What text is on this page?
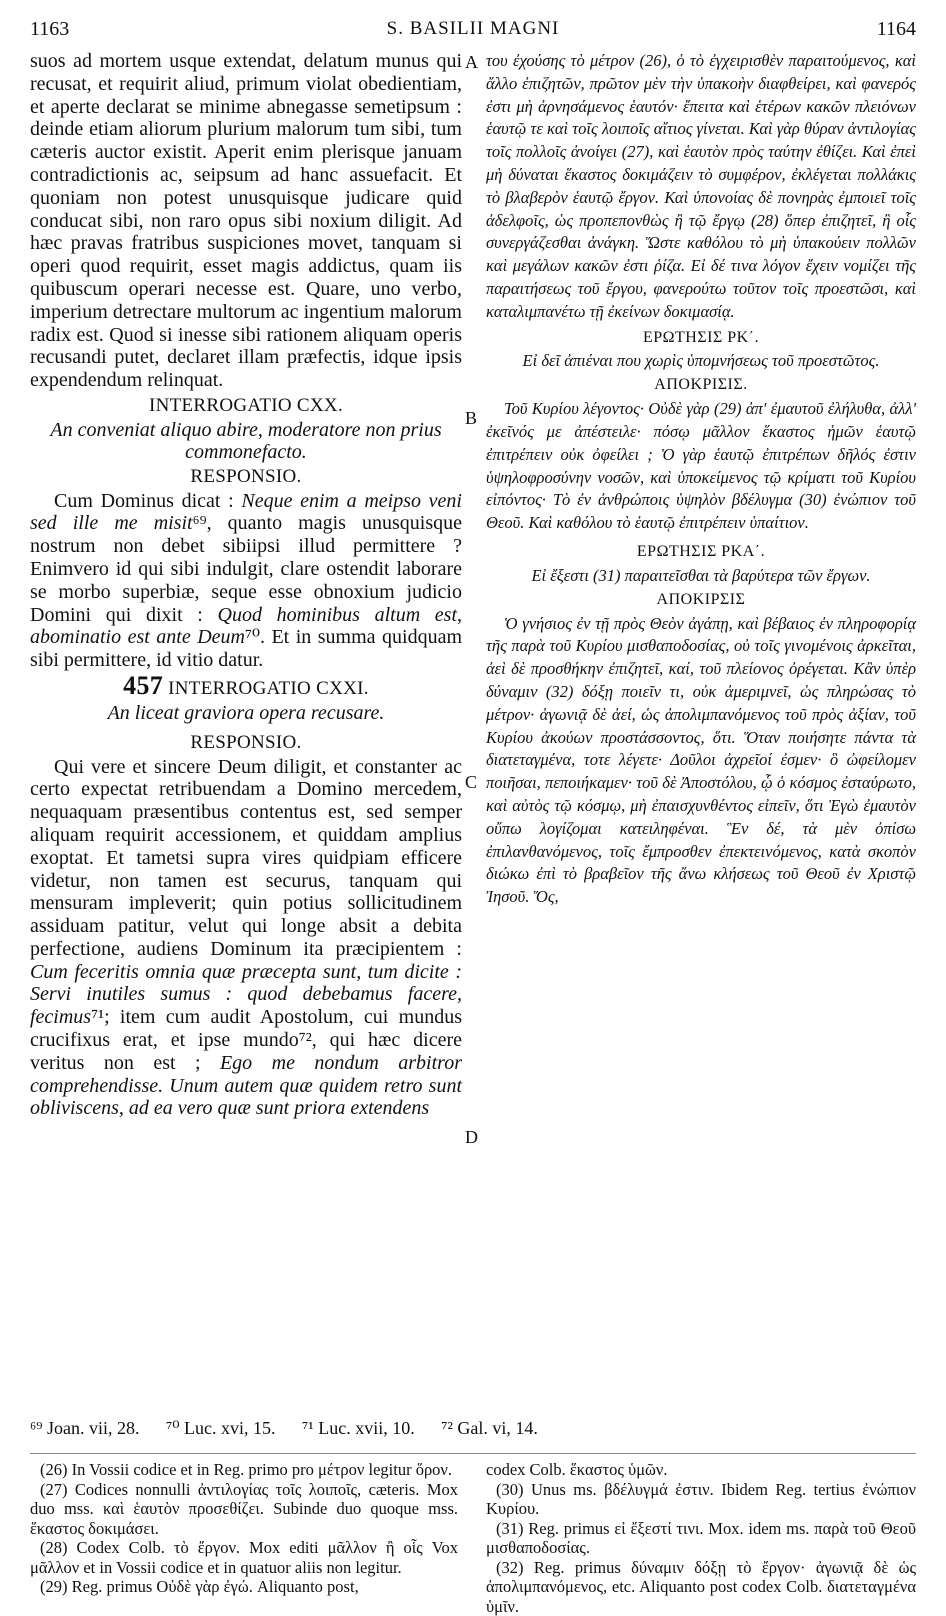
1163	S. BASILII MAGNI	1164
A
B
C
D

suos ad mortem usque extendat, delatum munus qui recusat, et requirit aliud, primum violat obedientiam, et aperte declarat se minime abnegasse semetipsum : deinde etiam aliorum plurium malorum tum sibi, tum cæteris auctor existit. Aperit enim plerisque januam contradictionis ac, seipsum ad hanc assuefacit. Et quoniam non potest unusquisque judicare quid conducat sibi, non raro opus sibi noxium diligit. Ad hæc pravas fratribus suspiciones movet, tanquam si operi quod requirit, esset magis addictus, quam iis quibuscum operari necesse est. Quare, uno verbo, imperium detrectare multorum ac ingentium malorum radix est. Quod si inesse sibi rationem aliquam operis recusandi putet, declaret illam præfectis, idque ipsis expendendum relinquat.

INTERROGATIO CXX.
An conveniat aliquo abire, moderatore non prius commonefacto.
RESPONSIO.

Cum Dominus dicat : Neque enim a meipso veni sed ille me misit⁶⁹, quanto magis unusquisque nostrum non debet sibiipsi illud permittere ? Enimvero id qui sibi indulgit, clare ostendit laborare se morbo superbiæ, seque esse obnoxium judicio Domini qui dixit : Quod hominibus altum est, abominatio est ante Deum⁷⁰. Et in summa quidquam sibi permittere, id vitio datur.

457 INTERROGATIO CXXI.
An liceat graviora opera recusare.
RESPONSIO.

Qui vere et sincere Deum diligit, et constanter ac certo expectat retribuendam a Domino mercedem, nequaquam præsentibus contentus est, sed semper aliquam requirit accessionem, et quiddam amplius exoptat. Et tametsi supra vires quidpiam efficere videtur, non tamen est securus, tanquam qui mensuram impleverit; quin potius sollicitudinem assiduam patitur, velut qui longe absit a debita perfectione, audiens Dominum ita præcipientem : Cum feceritis omnia quæ præcepta sunt, tum dicite : Servi inutiles sumus : quod debebamus facere, fecimus⁷¹; item cum audit Apostolum, cui mundus crucifixus erat, et ipse mundo⁷², qui hæc dicere veritus non est ; Ego me nondum arbitror comprehendisse. Unum autem quæ quidem retro sunt obliviscens, ad ea vero quæ sunt priora extendens

του ἐχούσης τὸ μέτρον (26), ὁ τὸ ἐγχειρισθὲν παραιτούμενος, καὶ ἄλλο ἐπιζητῶν, πρῶτον μὲν τὴν ὑπακοὴν διαφθείρει, καὶ φανερός ἐστι μὴ ἀρνησάμενος ἑαυτόν· ἔπειτα καὶ ἑτέρων κακῶν πλειόνων ἑαυτῷ τε καὶ τοῖς λοιποῖς αἴτιος γίνεται. Καὶ γὰρ θύραν ἀντιλογίας τοῖς πολλοῖς ἀνοίγει (27), καὶ ἑαυτὸν πρὸς ταύτην ἐθίζει. Καὶ ἐπεὶ μὴ δύναται ἕκαστος δοκιμάζειν τὸ συμφέρον, ἐκλέγεται πολλάκις τὸ βλαβερὸν ἑαυτῷ ἔργον. Καὶ ὑπονοίας δὲ πονηρὰς ἐμποιεῖ τοῖς ἀδελφοῖς, ὡς προπεπονθὼς ἢ τῷ ἔργῳ (28) ὅπερ ἐπιζητεῖ, ἢ οἷς συνεργάζεσθαι ἀνάγκη. Ὥστε καθόλου τὸ μὴ ὑπακούειν πολλῶν καὶ μεγάλων κακῶν ἐστι ῥίζα. Εἰ δέ τινα λόγον ἔχειν νομίζει τῆς παραιτήσεως τοῦ ἔργου, φανερούτω τοῦτον τοῖς προεστῶσι, καὶ καταλιμπανέτω τῇ ἐκείνων δοκιμασίᾳ.

ΕΡΩΤΗΣΙΣ ΡΚ΄.
Εἰ δεῖ ἀπιέναι που χωρὶς ὑπομνήσεως τοῦ προεστῶτος.
ΑΠΟΚΡΙΣΙΣ.

Τοῦ Κυρίου λέγοντος· Οὐδὲ γὰρ (29) ἀπ' ἐμαυτοῦ ἐλήλυθα, ἀλλ' ἐκεῖνός με ἀπέστειλε· πόσῳ μᾶλλον ἕκαστος ἡμῶν ἑαυτῷ ἐπιτρέπειν οὐκ ὀφείλει ; Ὁ γὰρ ἑαυτῷ ἐπιτρέπων δῆλός ἐστιν ὑψηλοφροσύνην νοσῶν, καὶ ὑποκείμενος τῷ κρίματι τοῦ Κυρίου εἰπόντος· Τὸ ἐν ἀνθρώποις ὑψηλὸν βδέλυγμα (30) ἐνώπιον τοῦ Θεοῦ. Καὶ καθόλου τὸ ἑαυτῷ ἐπιτρέπειν ὑπαίτιον.

ΕΡΩΤΗΣΙΣ ΡΚΑ΄.
Εἰ ἔξεστι (31) παραιτεῖσθαι τὰ βαρύτερα τῶν ἔργων.
ΑΠΟΚΙΡΣΙΣ

Ὁ γνήσιος ἐν τῇ πρὸς Θεὸν ἀγάπῃ, καὶ βέβαιος ἐν πληροφορίᾳ τῆς παρὰ τοῦ Κυρίου μισθαποδοσίας, οὐ τοῖς γινομένοις ἀρκεῖται, ἀεὶ δὲ προσθήκην ἐπιζητεῖ, καί, τοῦ πλείονος ὀρέγεται. Κἂν ὑπὲρ δύναμιν (32) δόξῃ ποιεῖν τι, οὐκ ἀμεριμνεῖ, ὡς πληρώσας τὸ μέτρον· ἀγωνιᾷ δὲ ἀεί, ὡς ἀπολιμπανόμενος τοῦ πρὸς ἀξίαν, τοῦ Κυρίου ἀκούων προστάσσοντος, ὅτι. Ὅταν ποιήσητε πάντα τὰ διατεταγμένα, τοτε λέγετε· Δοῦλοι ἀχρεῖοί ἐσμεν· ὃ ὠφείλομεν ποιῆσαι, πεποιήκαμεν· τοῦ δὲ Ἀποστόλου, ᾧ ὁ κόσμος ἐσταύρωτο, καὶ αὐτὸς τῷ κόσμῳ, μὴ ἐπαισχυνθέντος εἰπεῖν, ὅτι Ἐγὼ ἐμαυτὸν οὔπω λογίζομαι κατειληφέναι. Ἓν δέ, τὰ μὲν ὀπίσω ἐπιλανθανόμενος, τοῖς ἔμπροσθεν ἐπεκτεινόμενος, κατὰ σκοπὸν διώκω ἐπὶ τὸ βραβεῖον τῆς ἄνω κλήσεως τοῦ Θεοῦ ἐν Χριστῷ Ἰησοῦ. Ὅς,

⁶⁹ Joan. vii, 28. ⁷⁰ Luc. xvi, 15. ⁷¹ Luc. xvii, 10. ⁷² Gal. vi, 14.

(26) In Vossii codice et in Reg. primo pro μέτρον legitur ὅρον.

(27) Codices nonnulli ἀντιλογίας τοῖς λοιποῖς, cæteris. Mox duo mss. καὶ ἑαυτὸν προσεθίζει. Subinde duo quoque mss. ἕκαστος δοκιμάσει.

(28) Codex Colb. τὸ ἔργον. Mox editi μᾶλλον ἢ οἷς Vox μᾶλλον et in Vossii codice et in quatuor aliis non legitur.

(29) Reg. primus Οὐδὲ γὰρ ἐγώ. Aliquanto post,

codex Colb. ἕκαστος ὑμῶν.

(30) Unus ms. βδέλυγμά ἐστιν. Ibidem Reg. tertius ἐνώπιον Κυρίου.

(31) Reg. primus εἰ ἔξεστί τινι. Mox. idem ms. παρὰ τοῦ Θεοῦ μισθαποδοσίας.

(32) Reg. primus δύναμιν δόξῃ τὸ ἔργον· ἀγωνιᾷ δὲ ὡς ἀπολιμπανόμενος, etc. Aliquanto post codex Colb. διατεταγμένα ὑμῖν.
